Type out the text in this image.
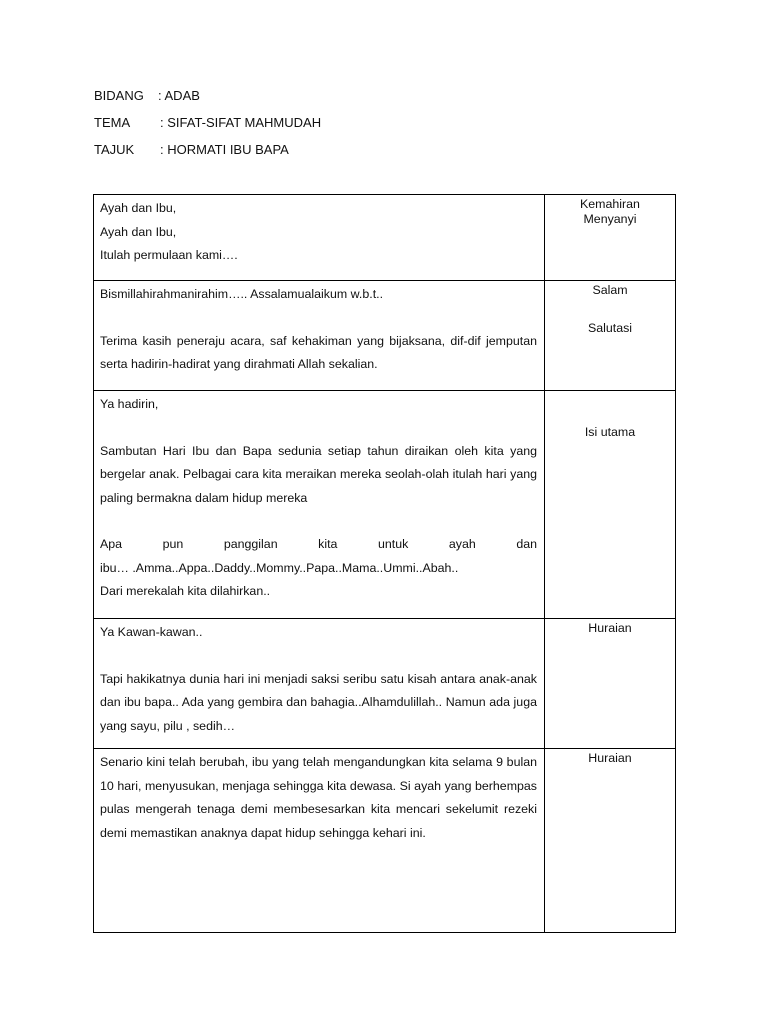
BIDANG : ADAB
TEMA : SIFAT-SIFAT MAHMUDAH
TAJUK : HORMATI IBU BAPA
Ayah dan Ibu,
Ayah dan Ibu,
Itulah permulaan kami….	Kemahiran
Menyanyi

Bismillahirahmanirahim….. Assalamualaikum w.b.t..
Terima kasih peneraju acara, saf kehakiman yang bijaksana, dif-dif jemputan serta hadirin-hadirat yang dirahmati Allah sekalian.	Salam
Salutasi

Ya hadirin,
Sambutan Hari Ibu dan Bapa sedunia setiap tahun diraikan oleh kita yang bergelar anak. Pelbagai cara kita meraikan mereka seolah-olah itulah hari yang paling bermakna dalam hidup mereka
Apa pun panggilan kita untuk ayah dan
ibu… .Amma..Appa..Daddy..Mommy..Papa..Mama..Ummi..Abah..
Dari merekalah kita dilahirkan..	Isi utama

Ya Kawan-kawan..
Tapi hakikatnya dunia hari ini menjadi saksi seribu satu kisah antara anak-anak dan ibu bapa.. Ada yang gembira dan bahagia..Alhamdulillah.. Namun ada juga yang sayu, pilu , sedih…	Huraian

Senario kini telah berubah, ibu yang telah mengandungkan kita selama 9 bulan 10 hari, menyusukan, menjaga sehingga kita dewasa. Si ayah yang berhempas pulas mengerah tenaga demi membesesarkan kita mencari sekelumit rezeki demi memastikan anaknya dapat hidup sehingga kehari ini.	Huraian
